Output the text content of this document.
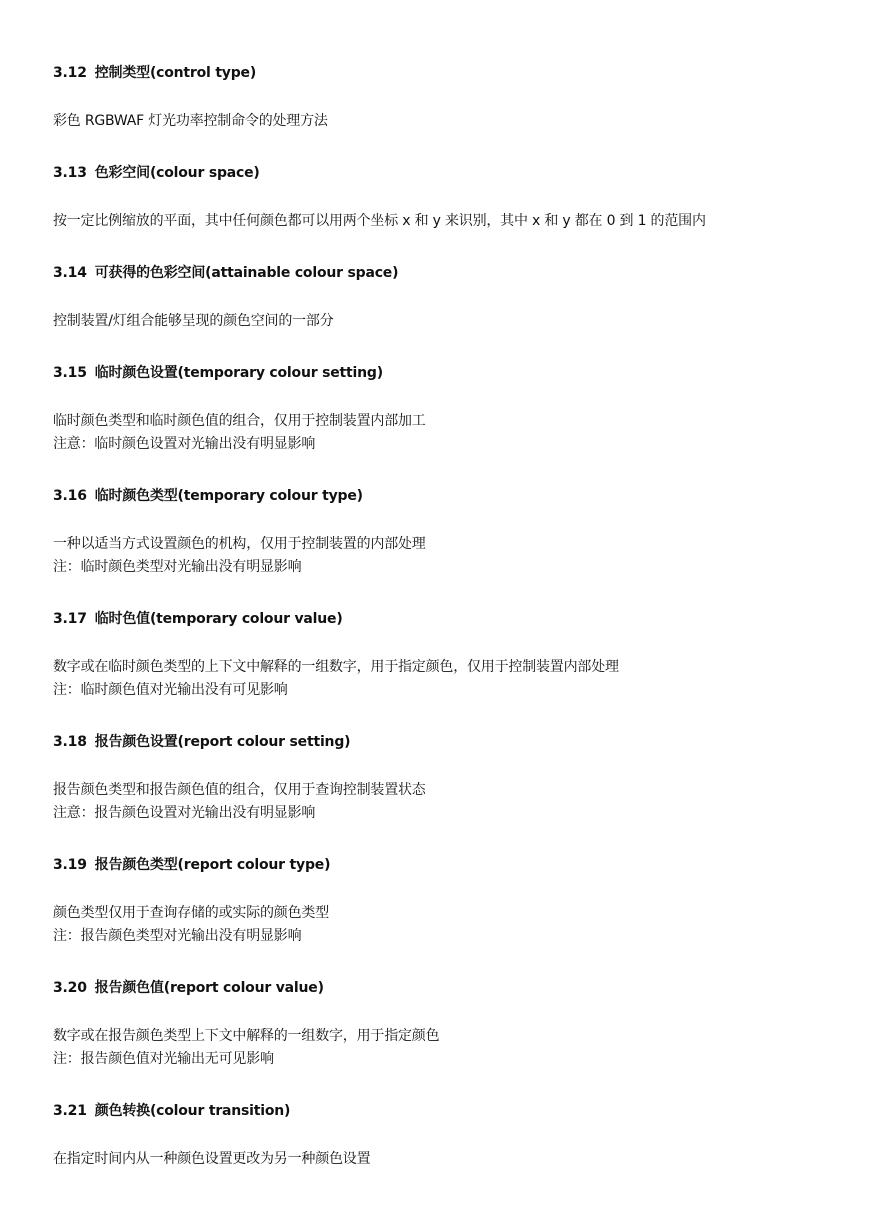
3.12 控制类型(control type)
彩色 RGBWAF 灯光功率控制命令的处理方法
3.13 色彩空间(colour space)
按一定比例缩放的平面，其中任何颜色都可以用两个坐标 x 和 y 来识别，其中 x 和 y 都在 0 到 1 的范围内
3.14 可获得的色彩空间(attainable colour space)
控制装置/灯组合能够呈现的颜色空间的一部分
3.15 临时颜色设置(temporary colour setting)
临时颜色类型和临时颜色值的组合，仅用于控制装置内部加工
注意：临时颜色设置对光输出没有明显影响
3.16 临时颜色类型(temporary colour type)
一种以适当方式设置颜色的机构，仅用于控制装置的内部处理
注：临时颜色类型对光输出没有明显影响
3.17 临时色值(temporary colour value)
数字或在临时颜色类型的上下文中解释的一组数字，用于指定颜色，仅用于控制装置内部处理
注：临时颜色值对光输出没有可见影响
3.18 报告颜色设置(report colour setting)
报告颜色类型和报告颜色值的组合，仅用于查询控制装置状态
注意：报告颜色设置对光输出没有明显影响
3.19 报告颜色类型(report colour type)
颜色类型仅用于查询存储的或实际的颜色类型
注：报告颜色类型对光输出没有明显影响
3.20 报告颜色值(report colour value)
数字或在报告颜色类型上下文中解释的一组数字，用于指定颜色
注：报告颜色值对光输出无可见影响
3.21 颜色转换(colour transition)
在指定时间内从一种颜色设置更改为另一种颜色设置
